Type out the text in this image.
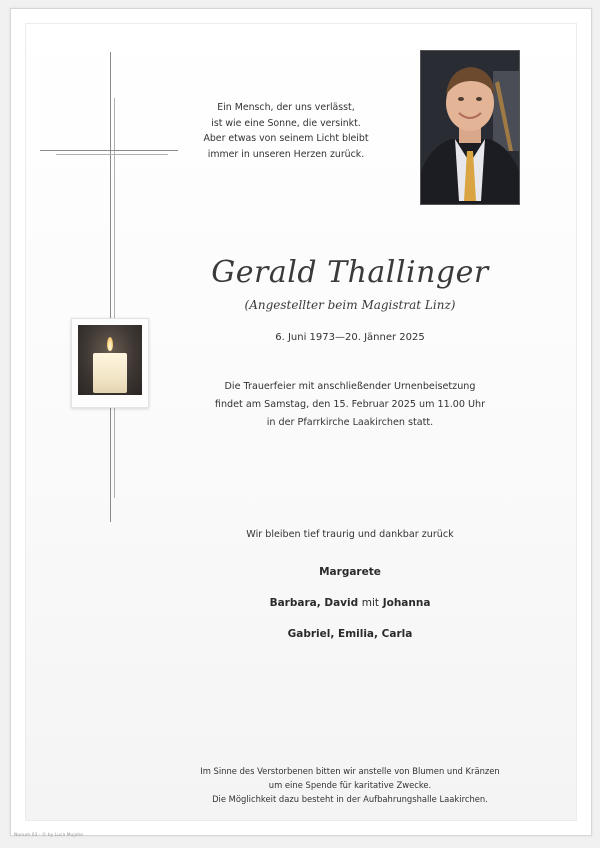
Ein Mensch, der uns verlässt,
ist wie eine Sonne, die versinkt.
Aber etwas von seinem Licht bleibt
immer in unseren Herzen zurück.
Gerald Thallinger
(Angestellter beim Magistrat Linz)
6. Juni 1973—20. Jänner 2025
Die Trauerfeier mit anschließender Urnenbeisetzung
findet am Samstag, den 15. Februar 2025 um 11.00 Uhr
in der Pfarrkirche Laakirchen statt.
Wir bleiben tief traurig und dankbar zurück
Margarete
Barbara, David mit Johanna
Gabriel, Emilia, Carla
Im Sinne des Verstorbenen bitten wir anstelle von Blumen und Kränzen
um eine Spende für karitative Zwecke.
Die Möglichkeit dazu besteht in der Aufbahrungshalle Laakirchen.
Nonum 03 - © by Luca Mujahe
